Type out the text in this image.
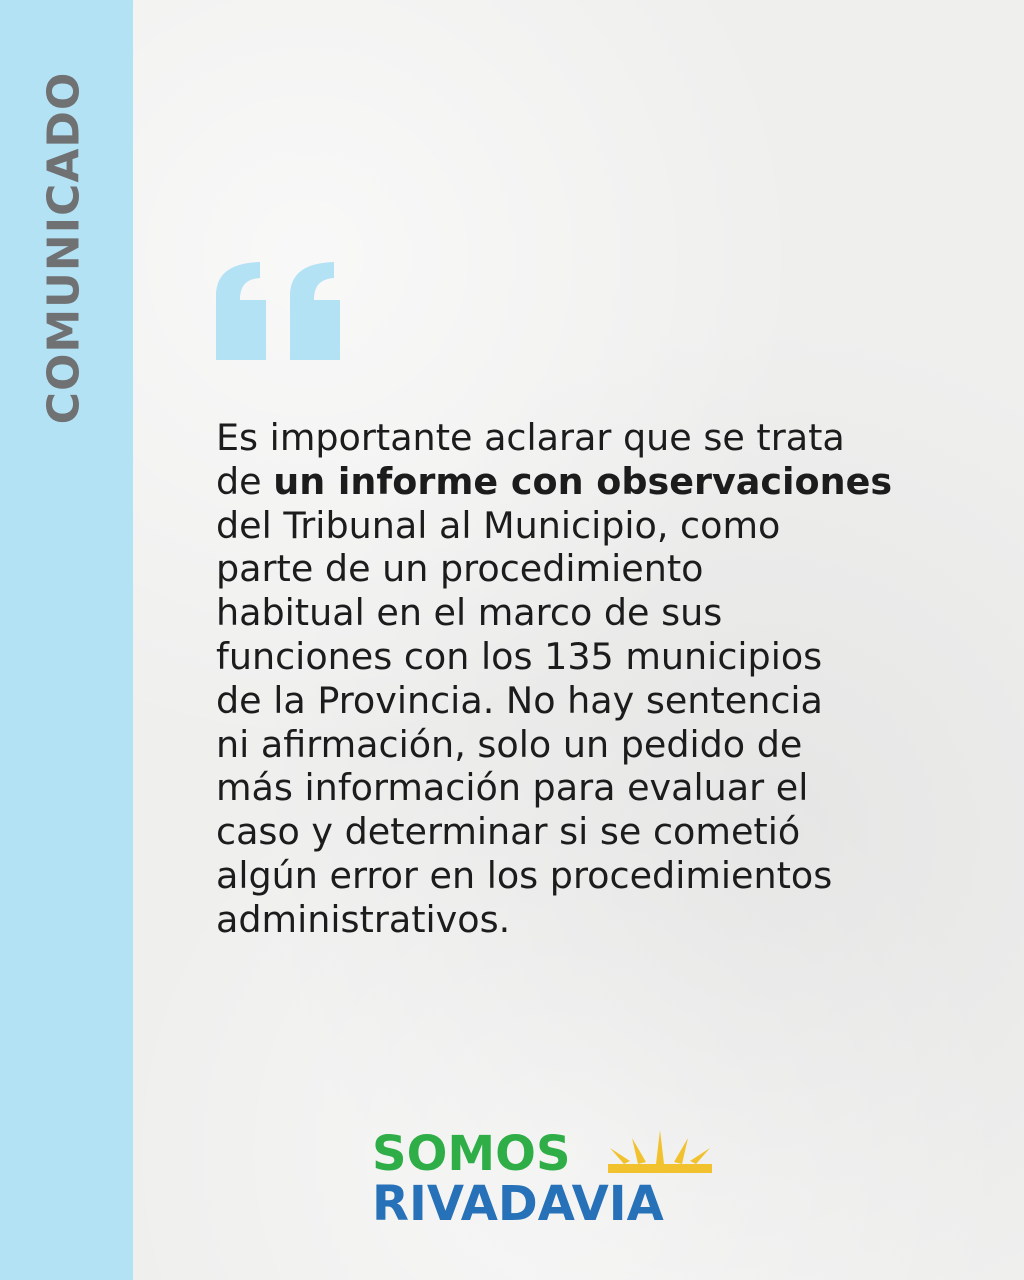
COMUNICADO

Es importante aclarar que se trata
de un informe con observaciones
del Tribunal al Municipio, como
parte de un procedimiento
habitual en el marco de sus
funciones con los 135 municipios
de la Provincia. No hay sentencia
ni afirmación, solo un pedido de
más información para evaluar el
caso y determinar si se cometió
algún error en los procedimientos
administrativos.

SOMOS
RIVADAVIA
